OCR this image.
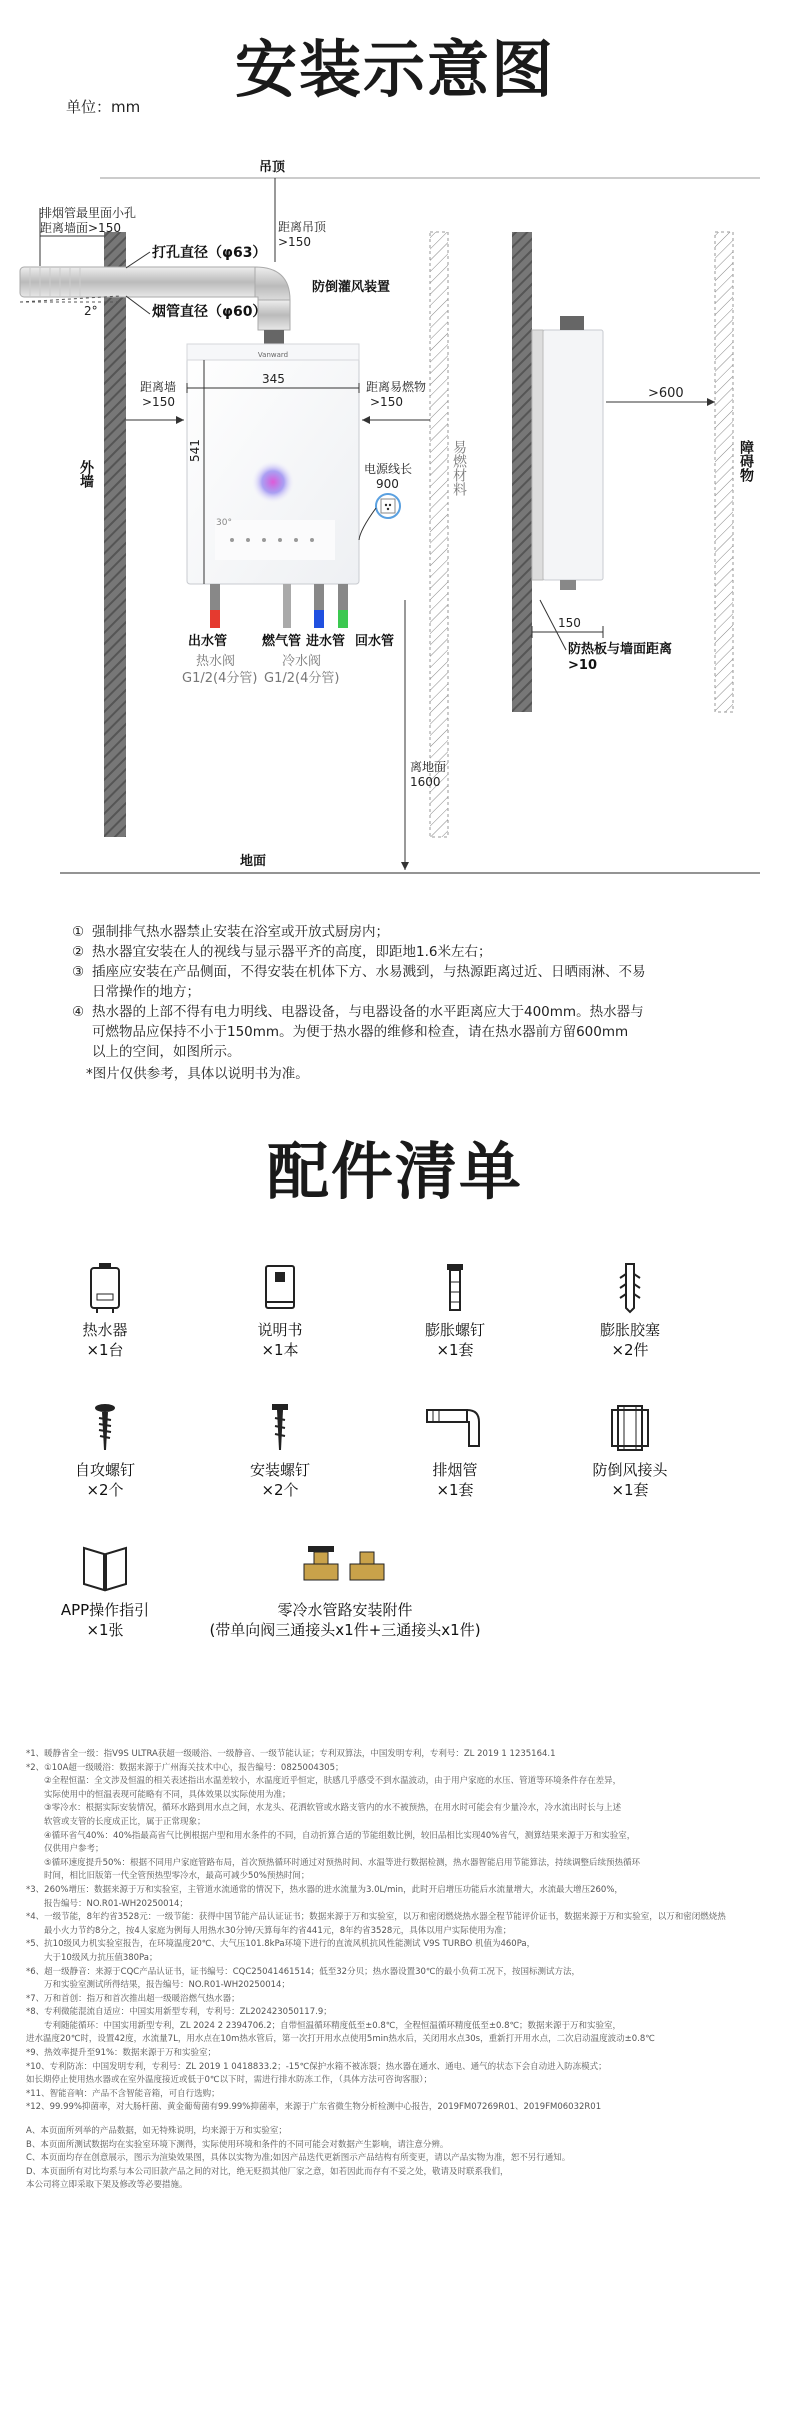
安装示意图
单位：mm
Vanward
吊顶
排烟管最里面小孔
距离墙面>150
打孔直径（φ63）
烟管直径（φ60）
2°
距离吊顶
>150
防倒灌风装置
345
541
距离墙
>150
距离易燃物
>150
外墙	电源线长
900	易燃材料
30°
出水管	燃气管 进水管 回水管
热水阀
G1/2(4分管)
冷水阀
G1/2(4分管)
离地面
1600
地面
>600
障碍物
150
防热板与墙面距离
>10
① 强制排气热水器禁止安装在浴室或开放式厨房内；
② 热水器宜安装在人的视线与显示器平齐的高度，即距地1.6米左右；
③ 插座应安装在产品侧面，不得安装在机体下方、水易溅到，与热源距离过近、日晒雨淋、不易
日常操作的地方；
④ 热水器的上部不得有电力明线、电器设备，与电器设备的水平距离应大于400mm。热水器与
可燃物品应保持不小于150mm。为便于热水器的维修和检查，请在热水器前方留600mm
以上的空间，如图所示。
*图片仅供参考，具体以说明书为准。
配件清单
热水器
×1台
说明书
×1本
膨胀螺钉
×1套
膨胀胶塞
×2件
自攻螺钉
×2个
安装螺钉
×2个
排烟管
×1套
防倒风接头
×1套
APP操作指引
×1张
零冷水管路安装附件
(带单向阀三通接头x1件+三通接头x1件)
*1、暖静省全一级：指V9S ULTRA获超一级暖浴、一级静音、一级节能认证；专利双算法，中国发明专利，专利号：ZL 2019 1 1235164.1
*2、①10A超一级暖浴：数据来源于广州海关技术中心，报告编号：0825004305；
②全程恒温：全文涉及恒温的相关表述指出水温差较小，水温度近乎恒定，肤感几乎感受不到水温波动，由于用户家庭的水压、管道等环境条件存在差异，
实际使用中的恒温表现可能略有不同，具体效果以实际使用为准；
③零冷水：根据实际安装情况，循环水路到用水点之间，水龙头、花洒软管或水路支管内的水不被预热，在用水时可能会有少量冷水，冷水流出时长与上述
软管或支管的长度成正比，属于正常现象；
④循环省气40%：40%指最高省气比例根据户型和用水条件的不同，自动折算合适的节能组数比例，较旧品相比实现40%省气，测算结果来源于万和实验室，
仅供用户参考；
⑤循环速度提升50%：根据不同用户家庭管路布局，首次预热循环时通过对预热时间、水温等进行数据检测，热水器智能启用节能算法，持续调整后续预热循环
时间，相比旧版第一代全管预热型零冷水，最高可减少50%预热时间；
*3、260%增压：数据来源于万和实验室，主管道水流通常的情况下，热水器的进水流量为3.0L/min，此时开启增压功能后水流量增大，水流最大增压260%，
报告编号：NO.R01-WH20250014；
*4、一级节能，8年约省3528元：一级节能：获得中国节能产品认证证书；数据来源于万和实验室，以万和密闭燃烧热水器全程节能评价证书，数据来源于万和实验室，以万和密闭燃烧热
最小火力节约8分之，按4人家庭为例每人用热水30分钟/天算每年约省441元，8年约省3528元，具体以用户实际使用为准；
*5、抗10级风力机实验室报告，在环境温度20℃、大气压101.8kPa环境下进行的直流风机抗风性能测试 V9S TURBO 机值为460Pa，
大于10级风力抗压值380Pa；
*6、超一级静音：来源于CQC产品认证书，证书编号：CQC25041461514；低至32分贝；热水器设置30℃的最小负荷工况下，按国标测试方法，
万和实验室测试所得结果，报告编号：NO.R01-WH20250014；
*7、万和首创：指万和首次推出超一级暖浴燃气热水器；
*8、专利微能混流自适应：中国实用新型专利，专利号：ZL202423050117.9；
专利随能循环：中国实用新型专利，ZL 2024 2 2394706.2；自带恒温循环精度低至±0.8℃，全程恒温循环精度低至±0.8℃；数据来源于万和实验室，
进水温度20℃时，设置42度，水流量7L，用水点在10m热水管后，第一次打开用水点使用5min热水后，关闭用水点30s，重新打开用水点，二次启动温度波动±0.8℃
*9、热效率提升至91%：数据来源于万和实验室；
*10、专利防冻：中国发明专利，专利号：ZL 2019 1 0418833.2；-15℃保护水箱不被冻裂；热水器在通水、通电、通气的状态下会自动进入防冻模式；
如长期停止使用热水器或在室外温度接近或低于0℃以下时，需进行排水防冻工作，（具体方法可咨询客服）；
*11、智能音响：产品不含智能音箱，可自行选购；
*12、99.99%抑菌率，对大肠杆菌、黄金葡萄菌有99.99%抑菌率，来源于广东省微生物分析检测中心报告，2019FM07269R01、2019FM06032R01
A、本页面所列举的产品数据，如无特殊说明，均来源于万和实验室；
B、本页面所测试数据均在实验室环境下测得，实际使用环境和条件的不同可能会对数据产生影响，请注意分辨。
C、本页面均存在创意展示，图示为渲染效果图，具体以实物为准;如因产品迭代更新图示产品结构有所变更，请以产品实物为准，恕不另行通知。
D、本页面所有对比均系与本公司旧款产品之间的对比，绝无贬损其他厂家之意，如若因此而存有不妥之处，敬请及时联系我们，
本公司将立即采取下架及修改等必要措施。
